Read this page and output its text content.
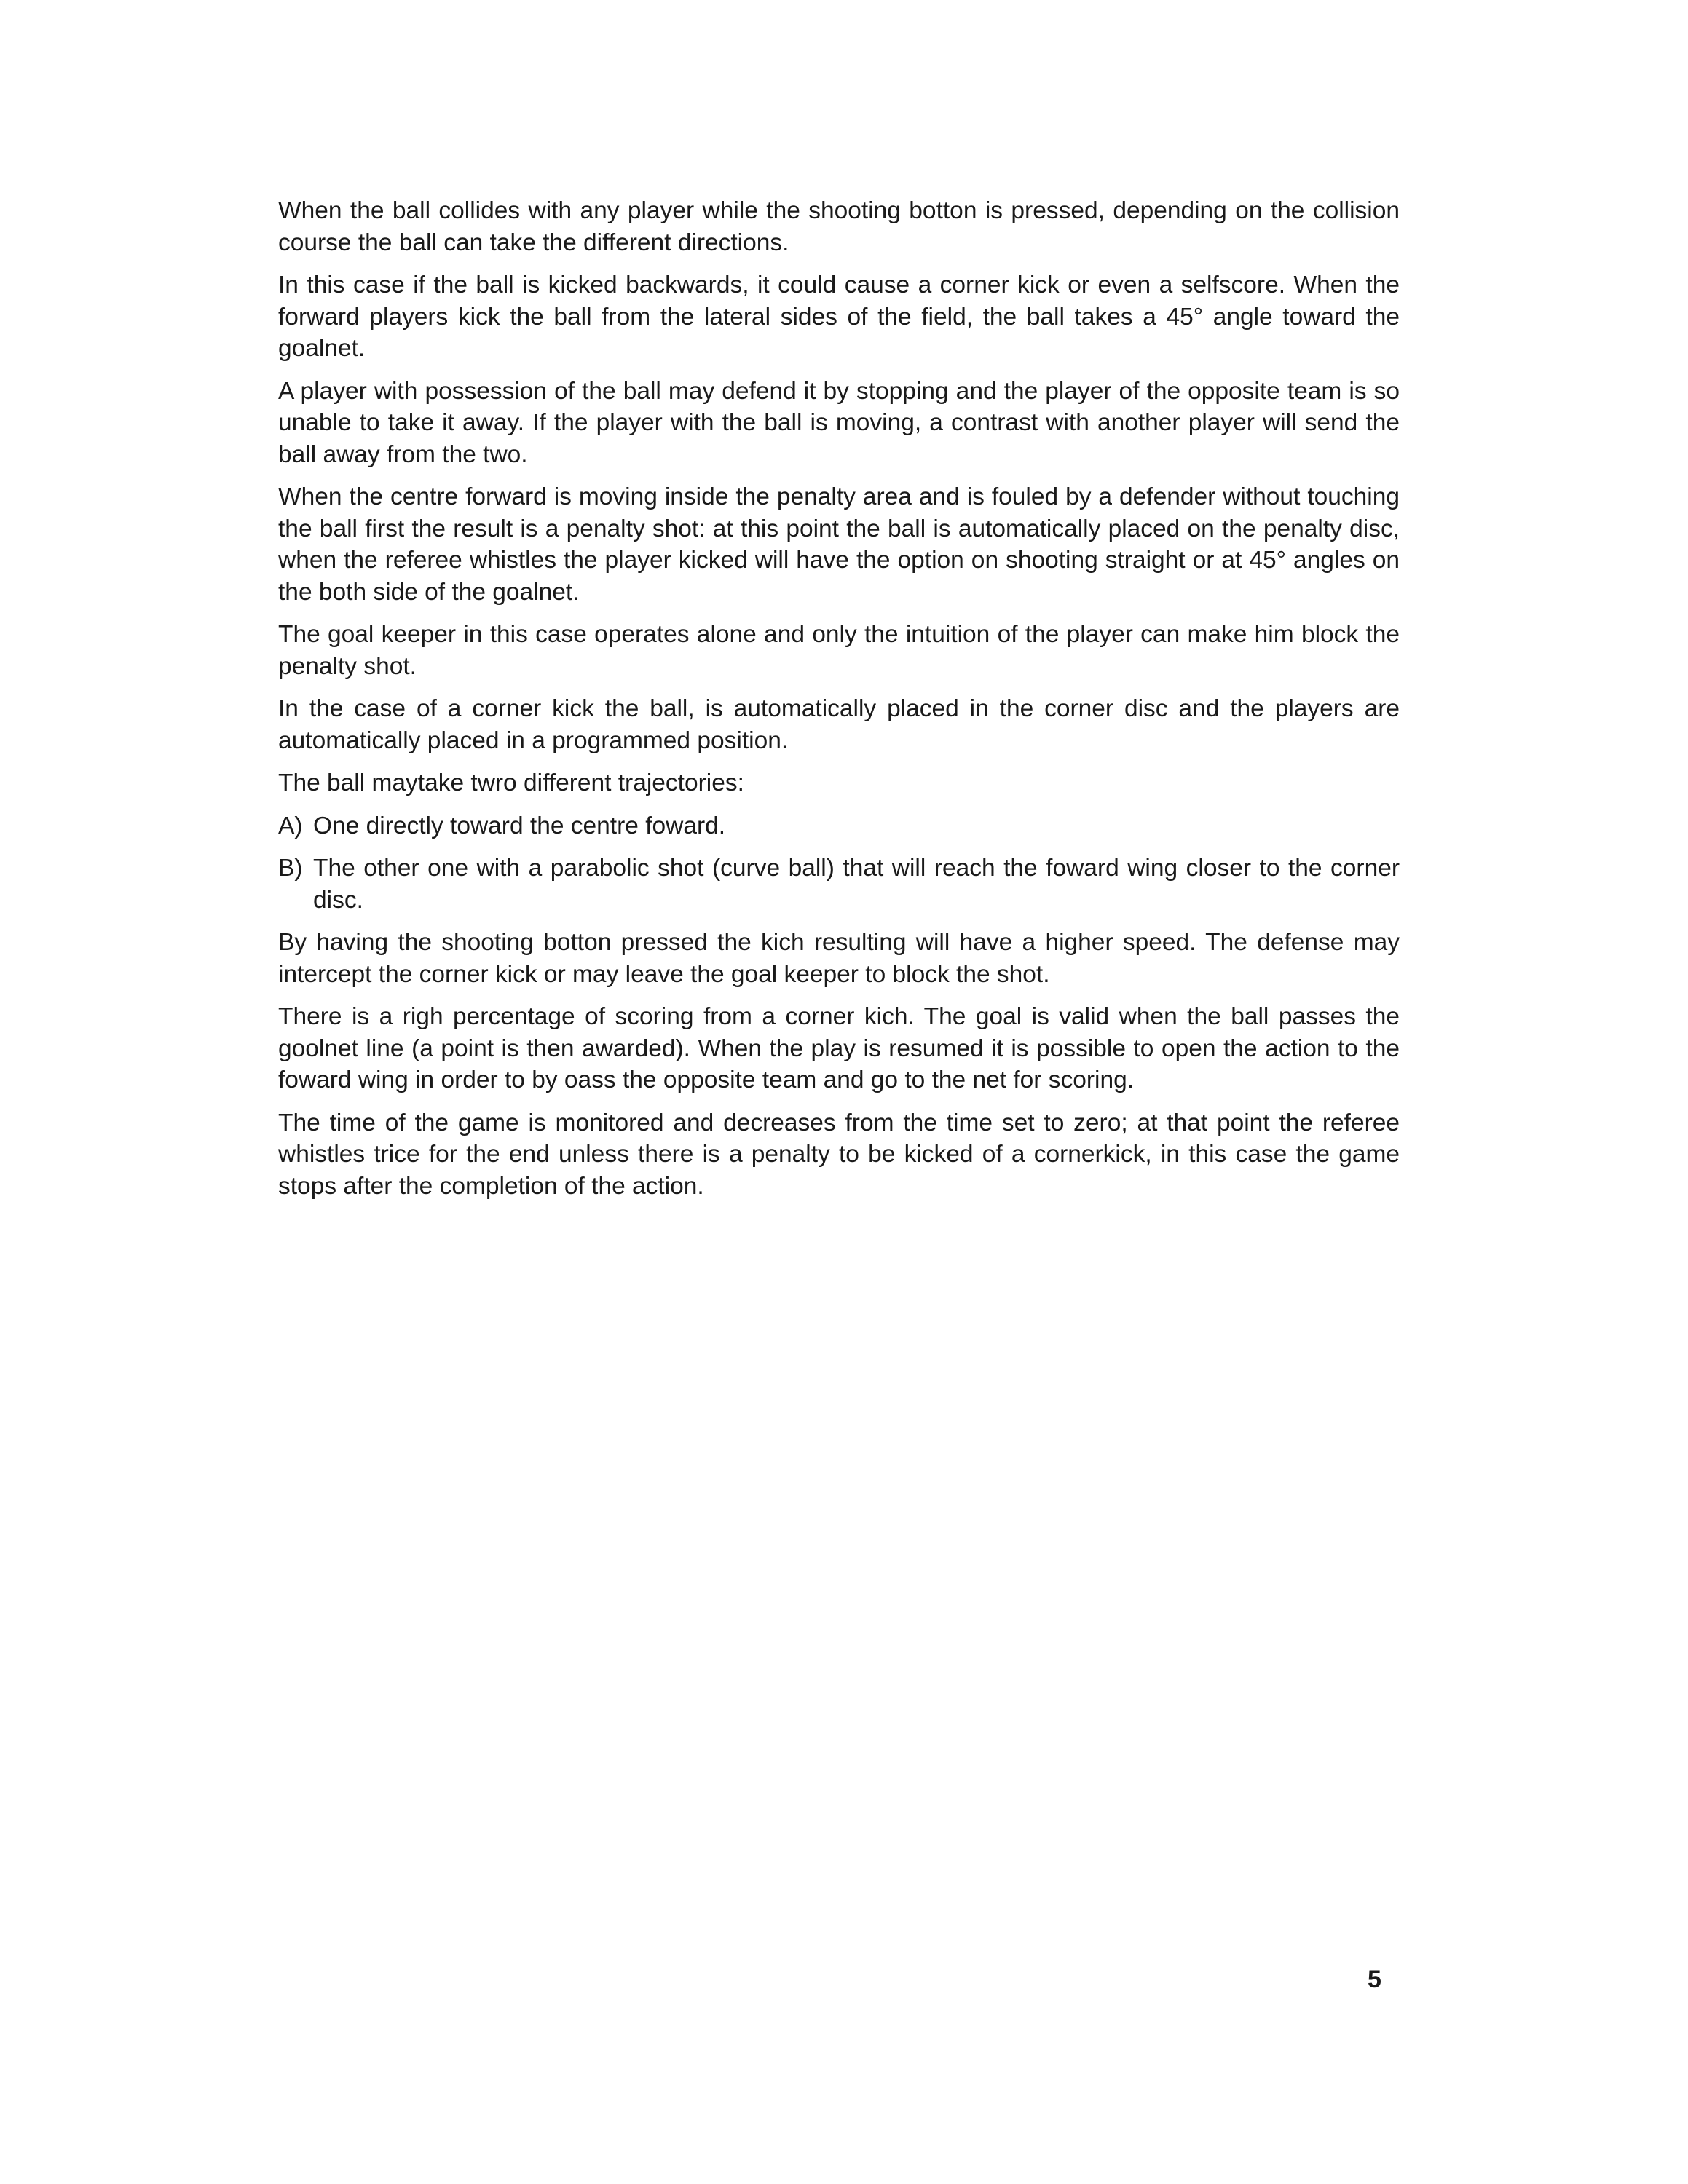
When the ball collides with any player while the shooting botton is pressed, depending on the collision course the ball can take the different directions.

In this case if the ball is kicked backwards, it could cause a corner kick or even a selfscore. When the forward players kick the ball from the lateral sides of the field, the ball takes a 45° angle toward the goalnet.

A player with possession of the ball may defend it by stopping and the player of the opposite team is so unable to take it away. If the player with the ball is moving, a contrast with another player will send the ball away from the two.

When the centre forward is moving inside the penalty area and is fouled by a defender without touching the ball first the result is a penalty shot: at this point the ball is automatically placed on the penalty disc, when the referee whistles the player kicked will have the option on shooting straight or at 45° angles on the both side of the goalnet.

The goal keeper in this case operates alone and only the intuition of the player can make him block the penalty shot.

In the case of a corner kick the ball, is automatically placed in the corner disc and the players are automatically placed in a programmed position.

The ball maytake twro different trajectories:

A) One directly toward the centre foward.
B) The other one with a parabolic shot (curve ball) that will reach the foward wing closer to the corner disc.

By having the shooting botton pressed the kich resulting will have a higher speed. The defense may intercept the corner kick or may leave the goal keeper to block the shot.

There is a righ percentage of scoring from a corner kich. The goal is valid when the ball passes the goolnet line (a point is then awarded). When the play is resumed it is possible to open the action to the foward wing in order to by oass the opposite team and go to the net for scoring.

The time of the game is monitored and decreases from the time set to zero; at that point the referee whistles trice for the end unless there is a penalty to be kicked of a cornerkick, in this case the game stops after the completion of the action.

5
